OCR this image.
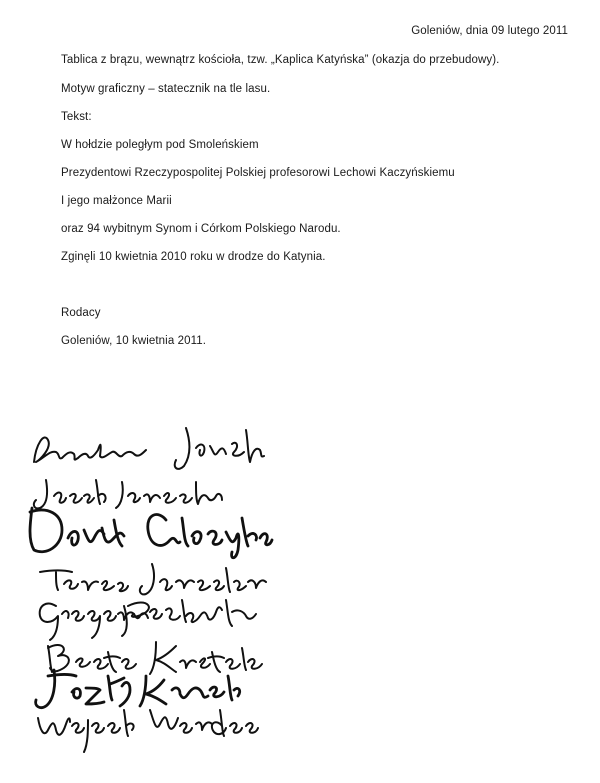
Goleniów, dnia 09 lutego 2011
Tablica z brązu, wewnątrz kościoła, tzw. „Kaplica Katyńska” (okazja do przebudowy).
Motyw graficzny – statecznik na tle lasu.
Tekst:
W hołdzie poległym pod Smoleńskiem
Prezydentowi Rzeczypospolitej Polskiej profesorowi Lechowi Kaczyńskiemu
I jego małżonce Marii
oraz 94 wybitnym Synom i Córkom Polskiego Narodu.
Zginęli 10 kwietnia 2010 roku w drodze do Katynia.
Rodacy
Goleniów, 10 kwietnia 2011.
